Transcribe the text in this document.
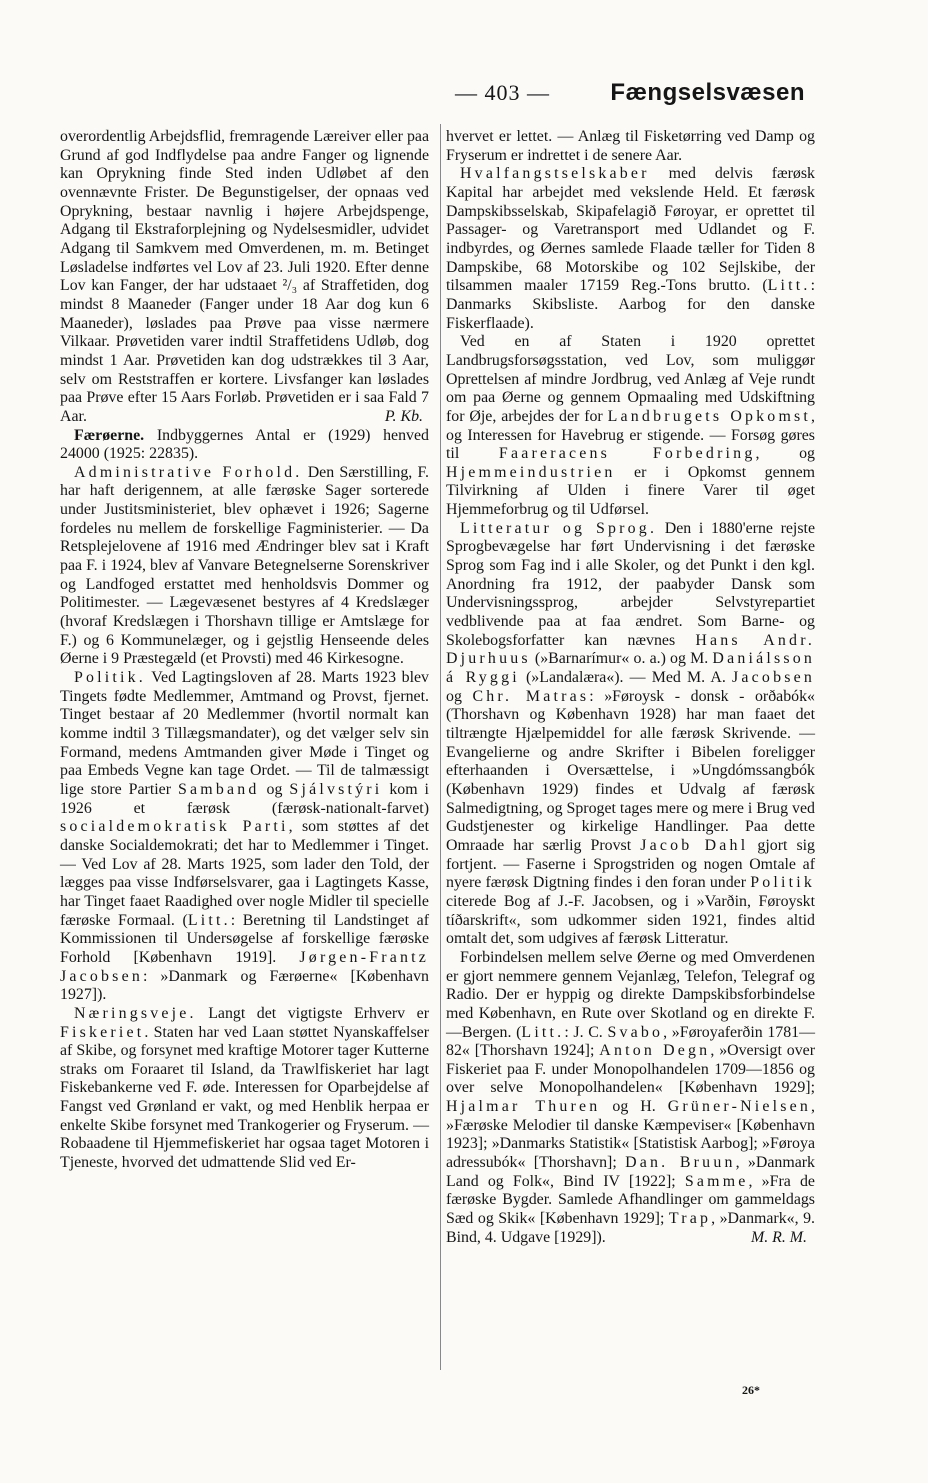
— 403 —	Fængselsvæsen

overordentlig Arbejdsflid, fremragende Læreiver eller paa Grund af god Indflydelse paa andre Fanger og lignende kan Oprykning finde Sted inden Udløbet af den ovennævnte Frister. De Begunstigelser, der opnaas ved Oprykning, bestaar navnlig i højere Arbejdspenge, Adgang til Ekstraforplejning og Nydelsesmidler, udvidet Adgang til Samkvem med Omverdenen, m. m. Betinget Løsladelse indførtes vel Lov af 23. Juli 1920. Efter denne Lov kan Fanger, der har udstaaet ²/₃ af Straffetiden, dog mindst 8 Maaneder (Fanger under 18 Aar dog kun 6 Maaneder), løslades paa Prøve paa visse nærmere Vilkaar. Prøvetiden varer indtil Straffetidens Udløb, dog mindst 1 Aar. Prøvetiden kan dog udstrækkes til 3 Aar, selv om Reststraffen er kortere. Livsfanger kan løslades paa Prøve efter 15 Aars Forløb. Prøvetiden er i saa Fald 7 Aar.	P. Kb.

Færøerne. Indbyggernes Antal er (1929) henved 24000 (1925: 22835).

Administrative Forhold. Den Særstilling, F. har haft derigennem, at alle færøske Sager sorterede under Justitsministeriet, blev ophævet i 1926; Sagerne fordeles nu mellem de forskellige Fagministerier. — Da Retsplejelovene af 1916 med Ændringer blev sat i Kraft paa F. i 1924, blev af Vanvare Betegnelserne Sorenskriver og Landfoged erstattet med henholdsvis Dommer og Politimester. — Lægevæsenet bestyres af 4 Kredslæger (hvoraf Kredslægen i Thorshavn tillige er Amtslæge for F.) og 6 Kommunelæger, og i gejstlig Henseende deles Øerne i 9 Præstegæld (et Provsti) med 46 Kirkesogne.

Politik. Ved Lagtingsloven af 28. Marts 1923 blev Tingets fødte Medlemmer, Amtmand og Provst, fjernet. Tinget bestaar af 20 Medlemmer (hvortil normalt kan komme indtil 3 Tillægsmandater), og det vælger selv sin Formand, medens Amtmanden giver Møde i Tinget og paa Embeds Vegne kan tage Ordet. — Til de talmæssigt lige store Partier Samband og Sjálvstýri kom i 1926 et færøsk (færøsk-nationalt-farvet) socialdemokratisk Parti, som støttes af det danske Socialdemokrati; det har to Medlemmer i Tinget. — Ved Lov af 28. Marts 1925, som lader den Told, der lægges paa visse Indførselsvarer, gaa i Lagtingets Kasse, har Tinget faaet Raadighed over nogle Midler til specielle færøske Formaal. (Litt.: Beretning til Landstinget af Kommissionen til Undersøgelse af forskellige færøske Forhold [København 1919]. Jørgen-Frantz Jacobsen: »Danmark og Færøerne« [København 1927]).

Næringsveje. Langt det vigtigste Erhverv er Fiskeriet. Staten har ved Laan støttet Nyanskaffelser af Skibe, og forsynet med kraftige Motorer tager Kutterne straks om Foraaret til Island, da Trawlfiskeriet har lagt Fiskebankerne ved F. øde. Interessen for Oparbejdelse af Fangst ved Grønland er vakt, og med Henblik herpaa er enkelte Skibe forsynet med Trankogerier og Fryserum. — Robaadene til Hjemmefiskeriet har ogsaa taget Motoren i Tjeneste, hvorved det udmattende Slid ved Er-

hvervet er lettet. — Anlæg til Fisketørring ved Damp og Fryserum er indrettet i de senere Aar.

Hvalfangstselskaber med delvis færøsk Kapital har arbejdet med vekslende Held. Et færøsk Dampskibsselskab, Skipafelagið Føroyar, er oprettet til Passager- og Varetransport med Udlandet og F. indbyrdes, og Øernes samlede Flaade tæller for Tiden 8 Dampskibe, 68 Motorskibe og 102 Sejlskibe, der tilsammen maaler 17159 Reg.-Tons brutto. (Litt.: Danmarks Skibsliste. Aarbog for den danske Fiskerflaade).

Ved en af Staten i 1920 oprettet Landbrugsforsøgsstation, ved Lov, som muliggør Oprettelsen af mindre Jordbrug, ved Anlæg af Veje rundt om paa Øerne og gennem Opmaaling med Udskiftning for Øje, arbejdes der for Landbrugets Opkomst, og Interessen for Havebrug er stigende. — Forsøg gøres til Faareracens Forbedring, og Hjemmeindustrien er i Opkomst gennem Tilvirkning af Ulden i finere Varer til øget Hjemmeforbrug og til Udførsel.

Litteratur og Sprog. Den i 1880'erne rejste Sprogbevægelse har ført Undervisning i det færøske Sprog som Fag ind i alle Skoler, og det Punkt i den kgl. Anordning fra 1912, der paabyder Dansk som Undervisningssprog, arbejder Selvstyrepartiet vedblivende paa at faa ændret. Som Barne- og Skolebogsforfatter kan nævnes Hans Andr. Djurhuus (»Barnarímur« o. a.) og M. Daniálsson á Ryggi (»Landalæra«). — Med M. A. Jacobsen og Chr. Matras: »Føroysk - donsk - orðabók« (Thorshavn og København 1928) har man faaet det tiltrængte Hjælpemiddel for alle færøsk Skrivende. — Evangelierne og andre Skrifter i Bibelen foreligger efterhaanden i Oversættelse, i »Ungdómssangbók (København 1929) findes et Udvalg af færøsk Salmedigtning, og Sproget tages mere og mere i Brug ved Gudstjenester og kirkelige Handlinger. Paa dette Omraade har særlig Provst Jacob Dahl gjort sig fortjent. — Faserne i Sprogstriden og nogen Omtale af nyere færøsk Digtning findes i den foran under Politik citerede Bog af J.-F. Jacobsen, og i »Varðin, Føroyskt tíðarskrift«, som udkommer siden 1921, findes altid omtalt det, som udgives af færøsk Litteratur.

Forbindelsen mellem selve Øerne og med Omverdenen er gjort nemmere gennem Vejanlæg, Telefon, Telegraf og Radio. Der er hyppig og direkte Dampskibsforbindelse med København, en Rute over Skotland og en direkte F.—Bergen. (Litt.: J. C. Svabo, »Føroyaferðin 1781—82« [Thorshavn 1924]; Anton Degn, »Oversigt over Fiskeriet paa F. under Monopolhandelen 1709—1856 og over selve Monopolhandelen« [København 1929]; Hjalmar Thuren og H. Grüner-Nielsen, »Færøske Melodier til danske Kæmpeviser« [København 1923]; »Danmarks Statistik« [Statistisk Aarbog]; »Føroya adressubók« [Thorshavn]; Dan. Bruun, »Danmark Land og Folk«, Bind IV [1922]; Samme, »Fra de færøske Bygder. Samlede Afhandlinger om gammeldags Sæd og Skik« [København 1929]; Trap, »Danmark«, 9. Bind, 4. Udgave [1929]).	M. R. M.

26*
